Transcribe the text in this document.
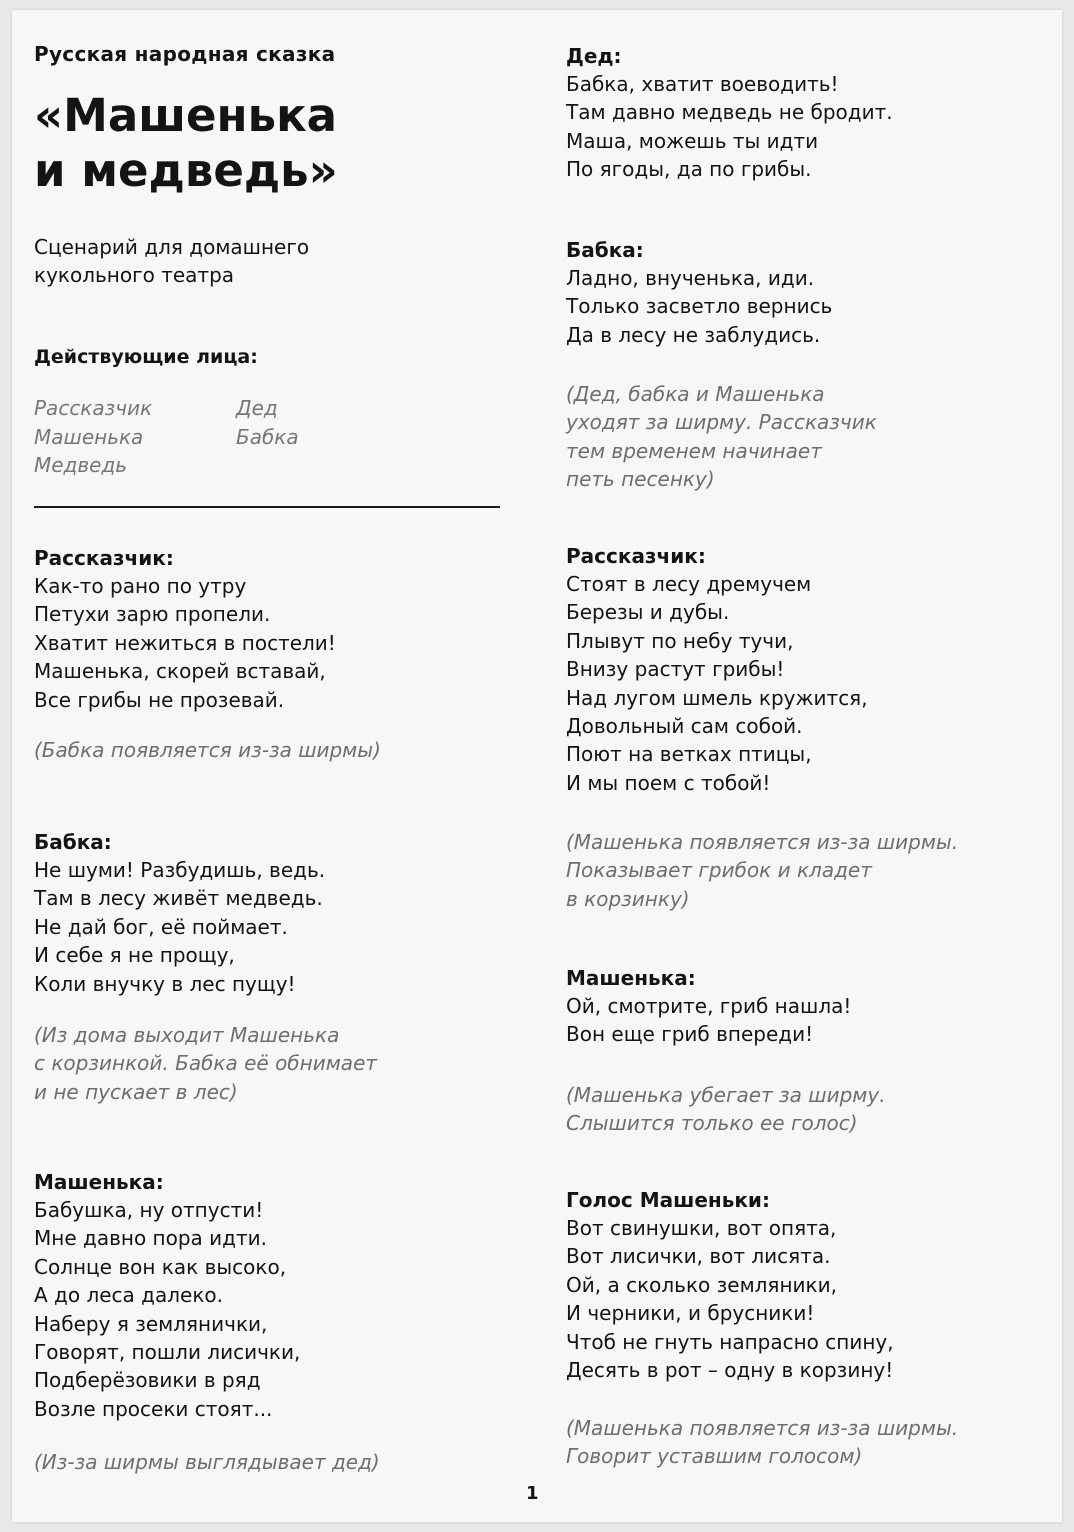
Русская народная сказка
«Машенька
и медведь»
Сценарий для домашнего
кукольного театра
Действующие лица:
Рассказчик
Машенька
Медведь
Дед
Бабка
Рассказчик:
Как-то рано по утру
Петухи зарю пропели.
Хватит нежиться в постели!
Машенька, скорей вставай,
Все грибы не прозевай.
(Бабка появляется из-за ширмы)
Бабка:
Не шуми! Разбудишь, ведь.
Там в лесу живёт медведь.
Не дай бог, её поймает.
И себе я не прощу,
Коли внучку в лес пущу!
(Из дома выходит Машенька
с корзинкой. Бабка её обнимает
и не пускает в лес)
Машенька:
Бабушка, ну отпусти!
Мне давно пора идти.
Солнце вон как высоко,
А до леса далеко.
Наберу я землянички,
Говорят, пошли лисички,
Подберёзовики в ряд
Возле просеки стоят...
(Из-за ширмы выглядывает дед)
Дед:
Бабка, хватит воеводить!
Там давно медведь не бродит.
Маша, можешь ты идти
По ягоды, да по грибы.
Бабка:
Ладно, внученька, иди.
Только засветло вернись
Да в лесу не заблудись.
(Дед, бабка и Машенька
уходят за ширму. Рассказчик
тем временем начинает
петь песенку)
Рассказчик:
Стоят в лесу дремучем
Березы и дубы.
Плывут по небу тучи,
Внизу растут грибы!
Над лугом шмель кружится,
Довольный сам собой.
Поют на ветках птицы,
И мы поем с тобой!
(Машенька появляется из-за ширмы.
Показывает грибок и кладет
в корзинку)
Машенька:
Ой, смотрите, гриб нашла!
Вон еще гриб впереди!
(Машенька убегает за ширму.
Слышится только ее голос)
Голос Машеньки:
Вот свинушки, вот опята,
Вот лисички, вот лисята.
Ой, а сколько земляники,
И черники, и брусники!
Чтоб не гнуть напрасно спину,
Десять в рот – одну в корзину!
(Машенька появляется из-за ширмы.
Говорит уставшим голосом)
1
